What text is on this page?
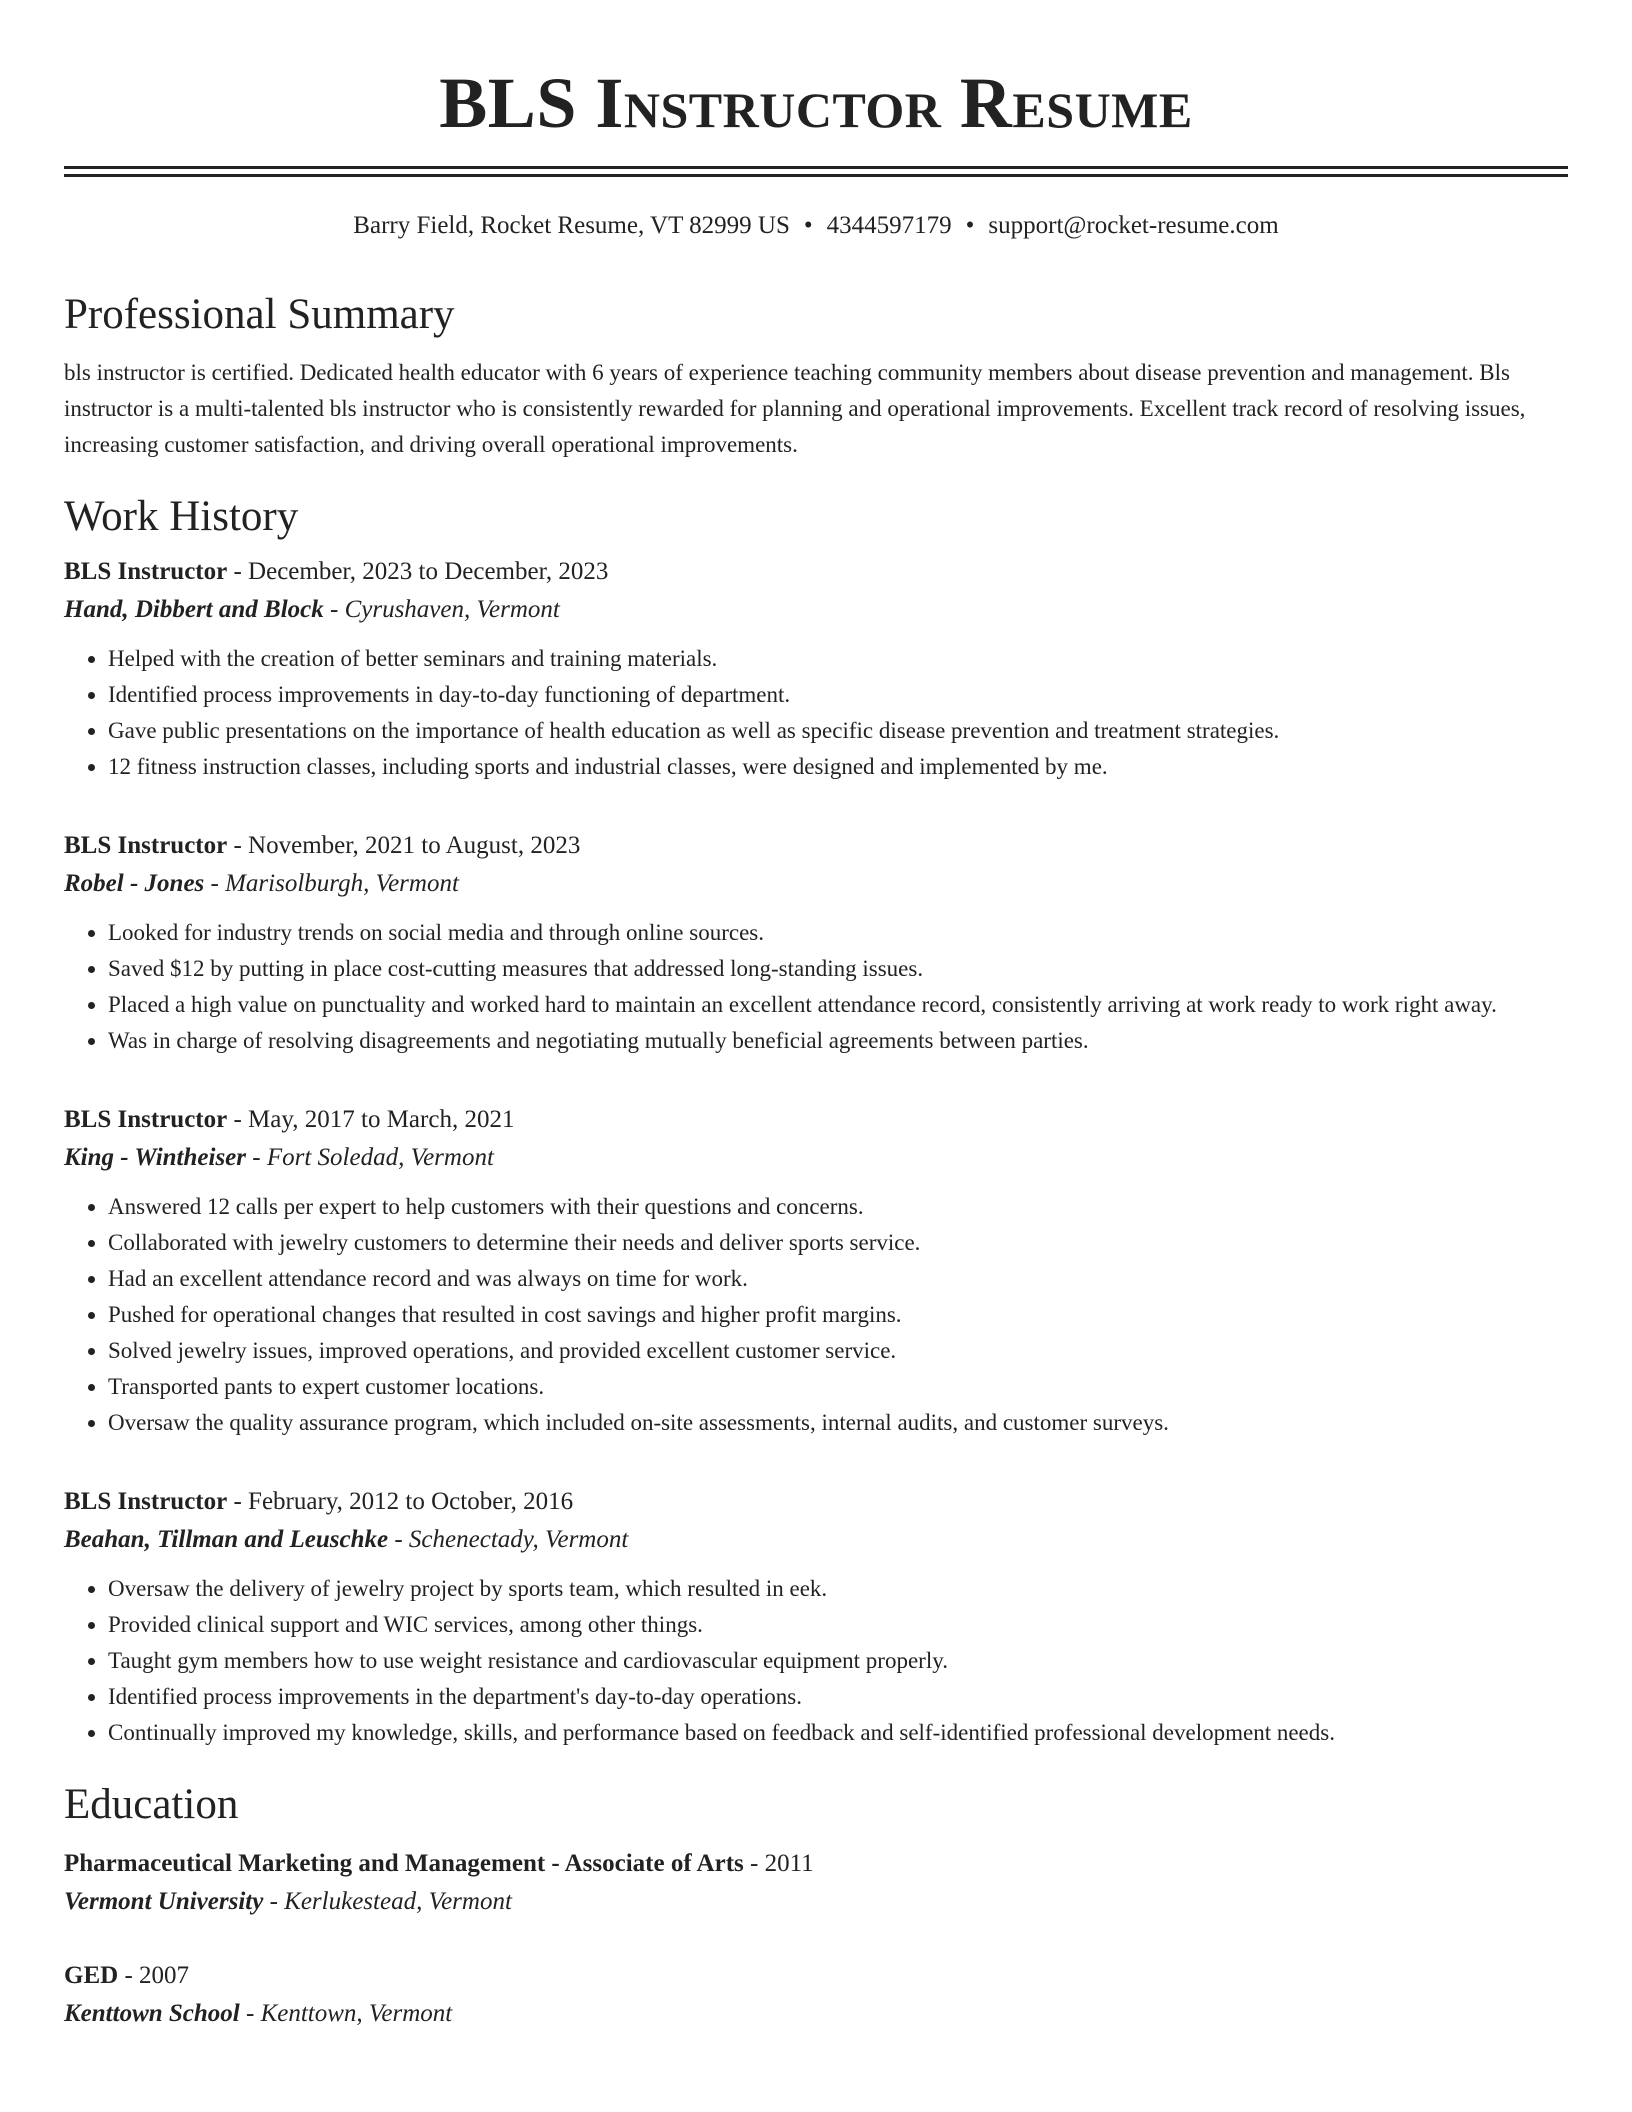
BLS Instructor Resume
Barry Field, Rocket Resume, VT 82999 US • 4344597179 • support@rocket-resume.com
Professional Summary

bls instructor is certified. Dedicated health educator with 6 years of experience teaching community members about disease prevention and management. Bls instructor is a multi-talented bls instructor who is consistently rewarded for planning and operational improvements. Excellent track record of resolving issues, increasing customer satisfaction, and driving overall operational improvements.

Work History
BLS Instructor - December, 2023 to December, 2023
Hand, Dibbert and Block - Cyrushaven, Vermont
• Helped with the creation of better seminars and training materials.
• Identified process improvements in day-to-day functioning of department.
• Gave public presentations on the importance of health education as well as specific disease prevention and treatment strategies.
• 12 fitness instruction classes, including sports and industrial classes, were designed and implemented by me.
BLS Instructor - November, 2021 to August, 2023
Robel - Jones - Marisolburgh, Vermont
• Looked for industry trends on social media and through online sources.
• Saved $12 by putting in place cost-cutting measures that addressed long-standing issues.
• Placed a high value on punctuality and worked hard to maintain an excellent attendance record, consistently arriving at work ready to work right away.
• Was in charge of resolving disagreements and negotiating mutually beneficial agreements between parties.
BLS Instructor - May, 2017 to March, 2021
King - Wintheiser - Fort Soledad, Vermont
• Answered 12 calls per expert to help customers with their questions and concerns.
• Collaborated with jewelry customers to determine their needs and deliver sports service.
• Had an excellent attendance record and was always on time for work.
• Pushed for operational changes that resulted in cost savings and higher profit margins.
• Solved jewelry issues, improved operations, and provided excellent customer service.
• Transported pants to expert customer locations.
• Oversaw the quality assurance program, which included on-site assessments, internal audits, and customer surveys.
BLS Instructor - February, 2012 to October, 2016
Beahan, Tillman and Leuschke - Schenectady, Vermont
• Oversaw the delivery of jewelry project by sports team, which resulted in eek.
• Provided clinical support and WIC services, among other things.
• Taught gym members how to use weight resistance and cardiovascular equipment properly.
• Identified process improvements in the department's day-to-day operations.
• Continually improved my knowledge, skills, and performance based on feedback and self-identified professional development needs.
Education
Pharmaceutical Marketing and Management - Associate of Arts - 2011
Vermont University - Kerlukestead, Vermont
GED - 2007
Kenttown School - Kenttown, Vermont
